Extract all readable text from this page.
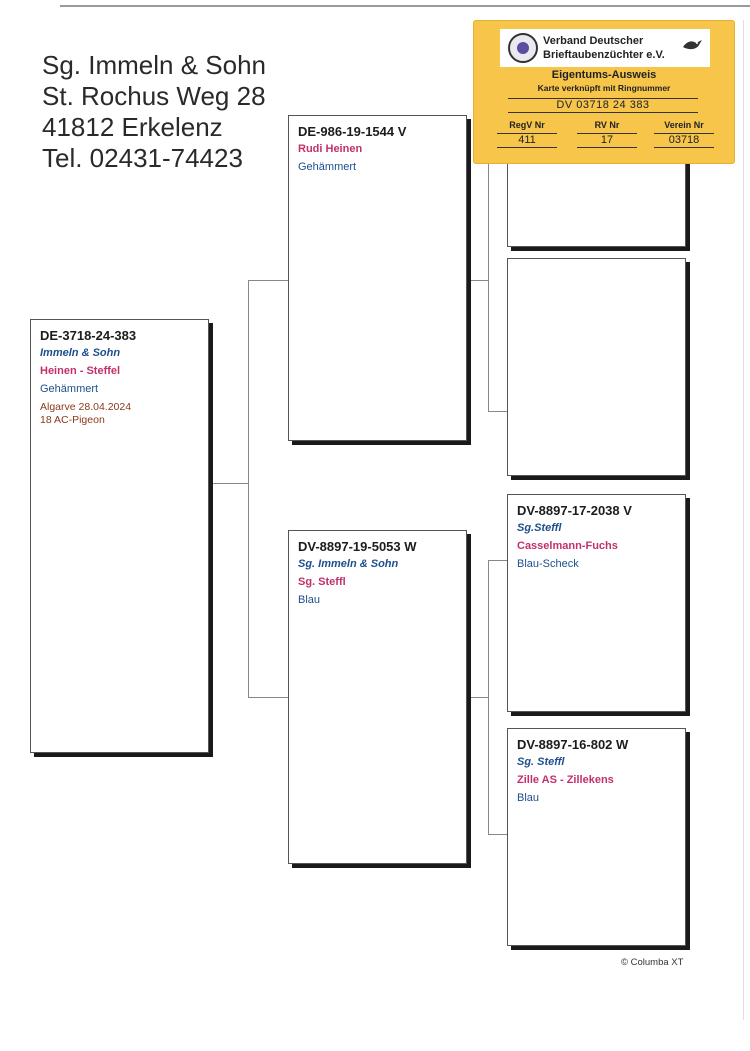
Sg. Immeln & Sohn
St. Rochus Weg 28
41812 Erkelenz
Tel. 02431-74423
DE-3718-24-383
Immeln & Sohn
Heinen - Steffel
Gehämmert
Algarve 28.04.2024
18 AC-Pigeon
DE-986-19-1544 V
Rudi Heinen
Gehämmert
DV-8897-19-5053 W
Sg. Immeln & Sohn
Sg. Steffl
Blau
DV-8897-17-2038 V
Sg.Steffl
Casselmann-Fuchs
Blau-Scheck
DV-8897-16-802 W
Sg. Steffl
Zille AS - Zillekens
Blau
Verband Deutscher
Brieftaubenzüchter e.V.
Eigentums-Ausweis
Karte verknüpft mit Ringnummer
DV 03718 24 383
RegV Nr
411
RV Nr
17
Verein Nr
03718
© Columba XT
